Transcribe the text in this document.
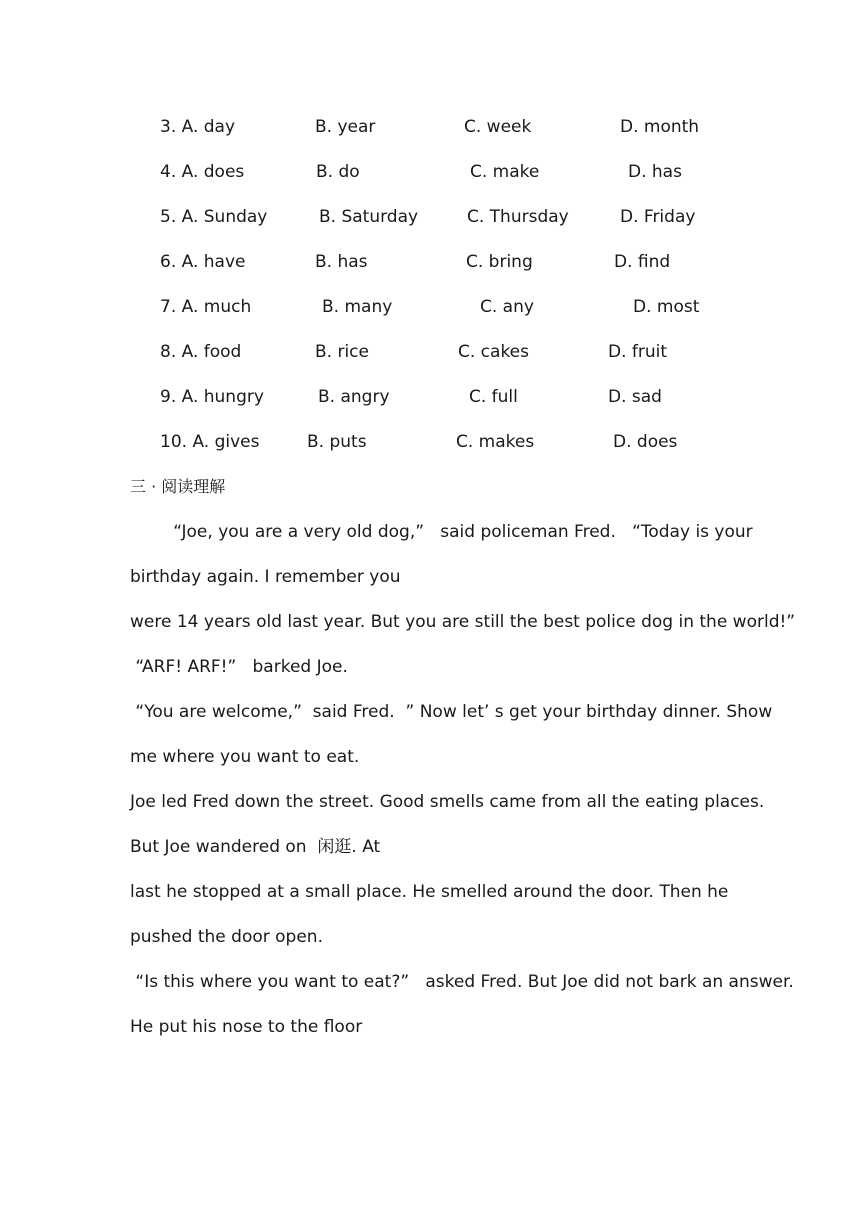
3. A. day	B. year	C. week	D. month
4. A. does	B. do	C. make	D. has
5. A. Sunday	B. Saturday	C. Thursday	D. Friday
6. A. have	B. has	C. bring	D. find
7. A. much	B. many	C. any	D. most
8. A. food	B. rice	C. cakes	D. fruit
9. A. hungry	B. angry	C. full	D. sad
10. A. gives	B. puts	C. makes	D. does
三 · 阅读理解
“Joe, you are a very old dog,”   said policeman Fred.   “Today is your
birthday again. I remember you
were 14 years old last year. But you are still the best police dog in the world!”
“ARF! ARF!”   barked Joe.
“You are welcome,”  said Fred.  ” Now let’ s get your birthday dinner. Show
me where you want to eat.
Joe led Fred down the street. Good smells came from all the eating places.
But Joe wandered on  闲逛. At
last he stopped at a small place. He smelled around the door. Then he
pushed the door open.
“Is this where you want to eat?”   asked Fred. But Joe did not bark an answer.
He put his nose to the floor
